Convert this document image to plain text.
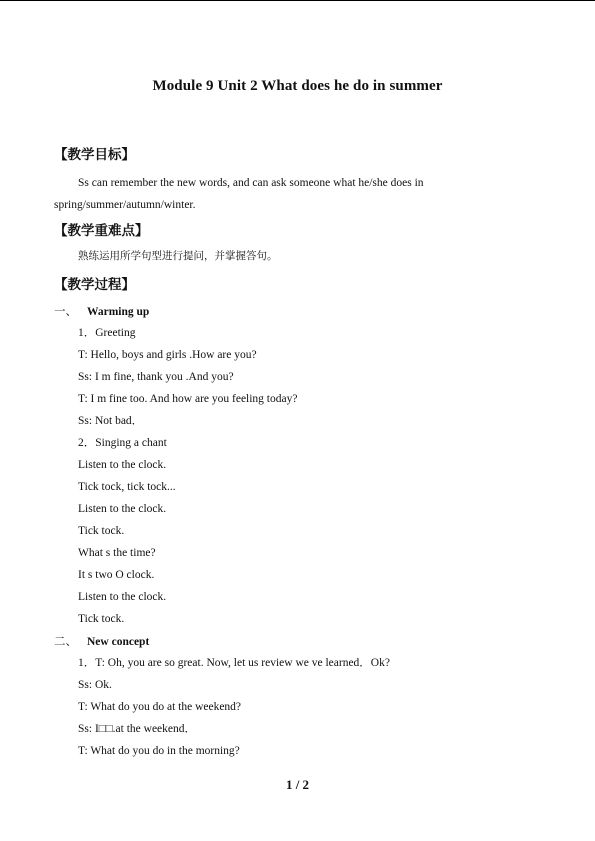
Module 9 Unit 2 What does he do in summer
【教学目标】
Ss can remember the new words, and can ask someone what he/she does in
spring/summer/autumn/winter.
【教学重难点】
熟练运用所学句型进行提问，并掌握答句。
【教学过程】
一、 Warming up
1．Greeting
T: Hello, boys and girls .How are you?
Ss: I m fine, thank you .And you?
T: I m fine too. And how are you feeling today?
Ss: Not bad．
2．Singing a chant
Listen to the clock.
Tick tock, tick tock...
Listen to the clock.
Tick tock.
What s the time?
It s two O clock.
Listen to the clock.
Tick tock.
二、 New concept
1．T: Oh, you are so great. Now, let us review we ve learned．Ok?
Ss: Ok.
T: What do you do at the weekend?
Ss: I□□.at the weekend．
T: What do you do in the morning?
1 / 2
